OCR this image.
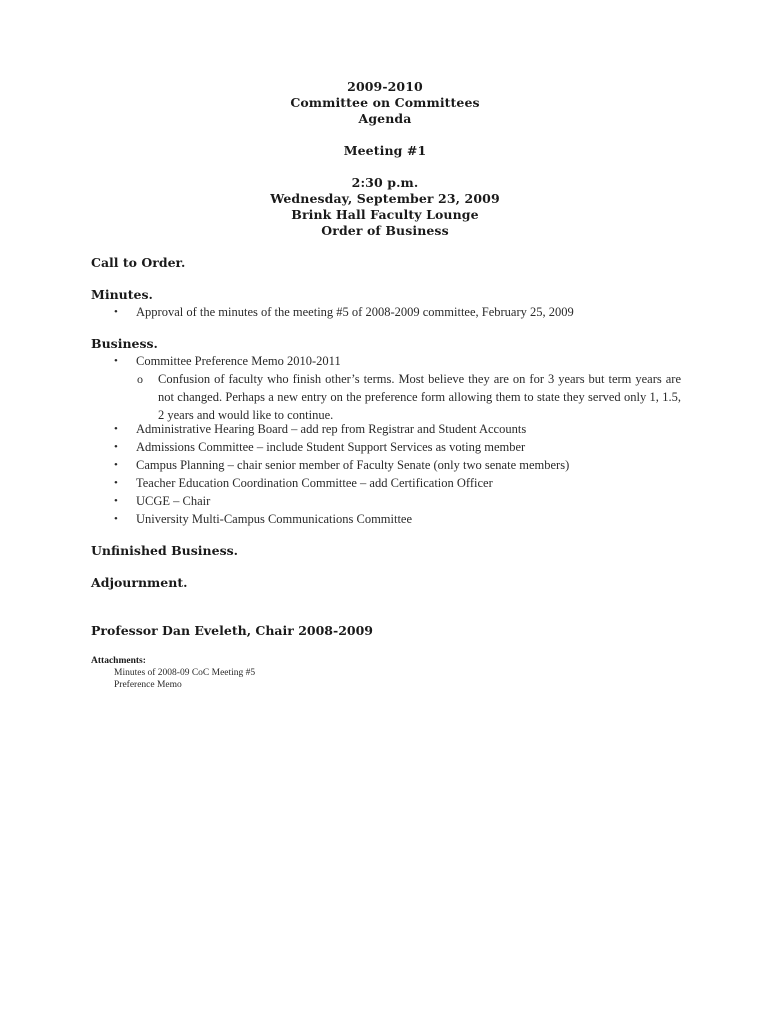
2009-2010
Committee on Committees
Agenda
Meeting #1
2:30 p.m.
Wednesday, September 23, 2009
Brink Hall Faculty Lounge
Order of Business
Call to Order.
Minutes.
•	Approval of the minutes of the meeting #5 of 2008-2009 committee, February 25, 2009
Business.
•	Committee Preference Memo 2010-2011
o Confusion of faculty who finish other’s terms. Most believe they are on for 3 years but term years are not changed. Perhaps a new entry on the preference form allowing them to state they served only 1, 1.5, 2 years and would like to continue.
•	Administrative Hearing Board – add rep from Registrar and Student Accounts
•	Admissions Committee – include Student Support Services as voting member
•	Campus Planning – chair senior member of Faculty Senate (only two senate members)
•	Teacher Education Coordination Committee – add Certification Officer
•	UCGE – Chair
•	University Multi-Campus Communications Committee
Unfinished Business.
Adjournment.
Professor Dan Eveleth, Chair 2008-2009
Attachments:
Minutes of 2008-09 CoC Meeting #5
Preference Memo
